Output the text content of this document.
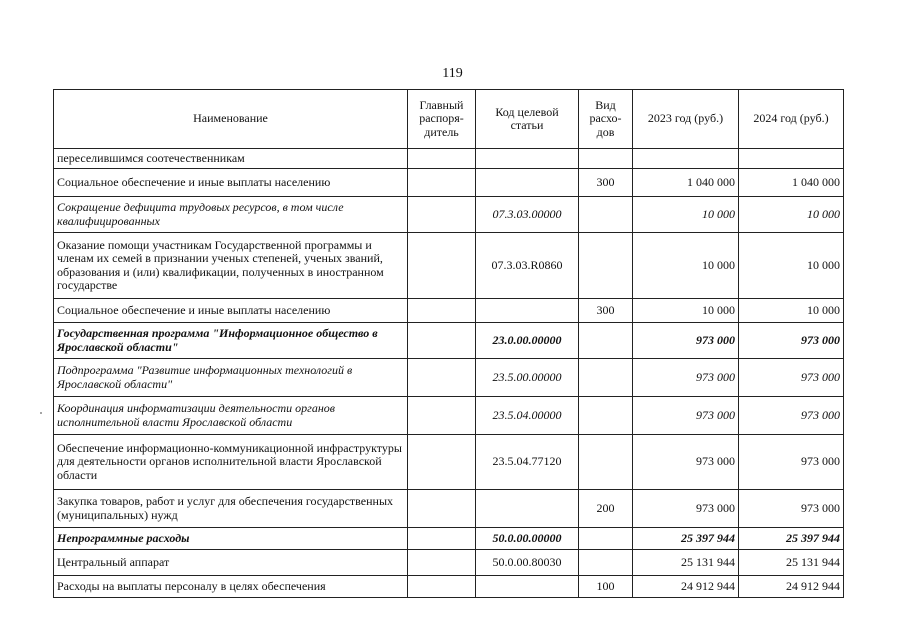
119
Наименование	Главный распоря-дитель	Код целевой статьи	Вид расхо-дов	2023 год (руб.)	2024 год (руб.)
переселившимся соотечественникам					
Социальное обеспечение и иные выплаты населению			300	1 040 000	1 040 000
Сокращение дефицита трудовых ресурсов, в том числе квалифицированных		07.3.03.00000		10 000	10 000
Оказание помощи участникам Государственной программы и членам их семей в признании ученых степеней, ученых званий, образования и (или) квалификации, полученных в иностранном государстве		07.3.03.R0860		10 000	10 000
Социальное обеспечение и иные выплаты населению			300	10 000	10 000
Государственная программа "Информационное общество в Ярославской области"		23.0.00.00000		973 000	973 000
Подпрограмма "Развитие информационных технологий в Ярославской области"		23.5.00.00000		973 000	973 000
Координация информатизации деятельности органов исполнительной власти Ярославской области		23.5.04.00000		973 000	973 000
Обеспечение информационно-коммуникационной инфраструктуры для деятельности органов исполнительной власти Ярославской области		23.5.04.77120		973 000	973 000
Закупка товаров, работ и услуг для обеспечения государственных (муниципальных) нужд			200	973 000	973 000
Непрограммные расходы		50.0.00.00000		25 397 944	25 397 944
Центральный аппарат		50.0.00.80030		25 131 944	25 131 944
Расходы на выплаты персоналу в целях обеспечения			100	24 912 944	24 912 944
